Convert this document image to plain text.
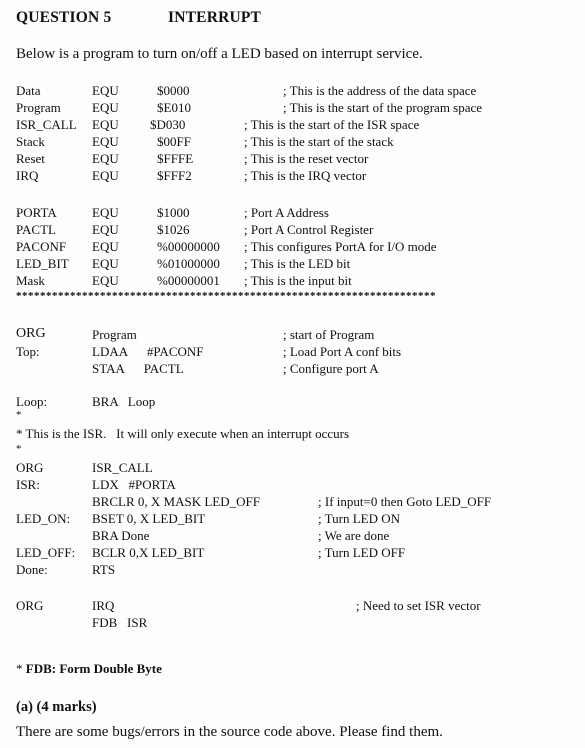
QUESTION 5	INTERRUPT
Below is a program to turn on/off a LED based on interrupt service.
Data	EQU	$0000	; This is the address of the data space
Program EQU	$E010	; This is the start of the program space
ISR_CALL EQU $D030	; This is the start of the ISR space
Stack	EQU	$00FF	; This is the start of the stack
Reset	EQU	$FFFE	; This is the reset vector
IRQ	EQU	$FFF2	; This is the IRQ vector
PORTA	EQU	$1000	; Port A Address
PACTL	EQU	$1026	; Port A Control Register
PACONF EQU	%00000000 ; This configures PortA for I/O mode
LED_BIT EQU	%01000000 ; This is the LED bit
Mask	EQU	%00000001 ; This is the input bit
**********************************************************************
ORG	Program	; start of Program
Top:	LDAA      #PACONF	; Load Port A conf bits
STAA      PACTL	; Configure port A
Loop:	BRA   Loop
*
* This is the ISR.   It will only execute when an interrupt occurs
*
ORG	ISR_CALL
ISR:	LDX   #PORTA
BRCLR 0, X MASK LED_OFF	; If input=0 then Goto LED_OFF
LED_ON: BSET 0, X LED_BIT	; Turn LED ON
BRA Done	; We are done
LED_OFF: BCLR 0,X LED_BIT	; Turn LED OFF
Done:	RTS
ORG	IRQ	; Need to set ISR vector
FDB   ISR
* FDB: Form Double Byte
(a) (4 marks)
There are some bugs/errors in the source code above. Please find them.
